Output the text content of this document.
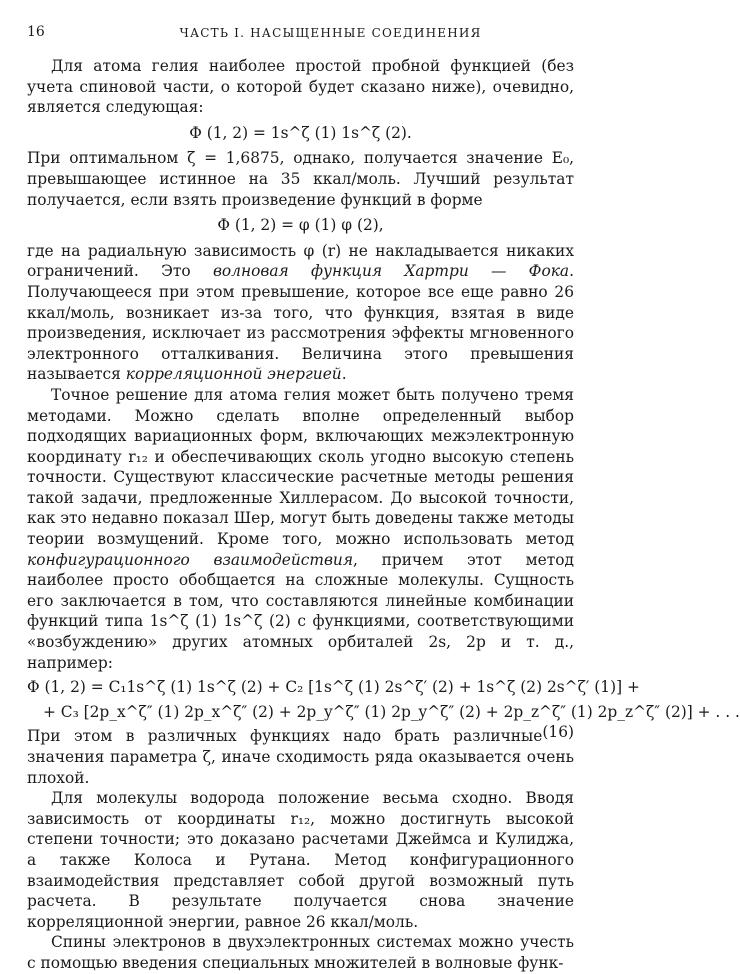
16	ЧАСТЬ I. НАСЫЩЕННЫЕ СОЕДИНЕНИЯ

Для атома гелия наиболее простой пробной функцией (без учета спиновой части, о которой будет сказано ниже), очевидно, является следующая:

Φ (1, 2) = 1s^ζ (1) 1s^ζ (2).

При оптимальном ζ = 1,6875, однако, получается значение E₀, превышающее истинное на 35 ккал/моль. Лучший результат получается, если взять произведение функций в форме

Φ (1, 2) = φ (1) φ (2),

где на радиальную зависимость φ (r) не накладывается никаких ограничений. Это волновая функция Хартри — Фока. Получающееся при этом превышение, которое все еще равно 26 ккал/моль, возникает из-за того, что функция, взятая в виде произведения, исключает из рассмотрения эффекты мгновенного электронного отталкивания. Величина этого превышения называется корреляционной энергией.

Точное решение для атома гелия может быть получено тремя методами. Можно сделать вполне определенный выбор подходящих вариационных форм, включающих межэлектронную координату r₁₂ и обеспечивающих сколь угодно высокую степень точности. Существуют классические расчетные методы решения такой задачи, предложенные Хиллерасом. До высокой точности, как это недавно показал Шер, могут быть доведены также методы теории возмущений. Кроме того, можно использовать метод конфигурационного взаимодействия, причем этот метод наиболее просто обобщается на сложные молекулы. Сущность его заключается в том, что составляются линейные комбинации функций типа 1s^ζ (1) 1s^ζ (2) с функциями, соответствующими «возбуждению» других атомных орбиталей 2s, 2p и т. д., например:

Φ (1, 2) = C₁1s^ζ (1) 1s^ζ (2) + C₂ [1s^ζ (1) 2s^ζ′ (2) + 1s^ζ (2) 2s^ζ′ (1)] +
+ C₃ [2p_x^ζ″ (1) 2p_x^ζ″ (2) + 2p_y^ζ″ (1) 2p_y^ζ″ (2) + 2p_z^ζ″ (1) 2p_z^ζ″ (2)] + . . .
(16)

При этом в различных функциях надо брать различные значения параметра ζ, иначе сходимость ряда оказывается очень плохой.

Для молекулы водорода положение весьма сходно. Вводя зависимость от координаты r₁₂, можно достигнуть высокой степени точности; это доказано расчетами Джеймса и Кулиджа, а также Колоса и Рутана. Метод конфигурационного взаимодействия представляет собой другой возможный путь расчета. В результате получается снова значение корреляционной энергии, равное 26 ккал/моль.

Спины электронов в двухэлектронных системах можно учесть с помощью введения специальных множителей в волновые функ-
